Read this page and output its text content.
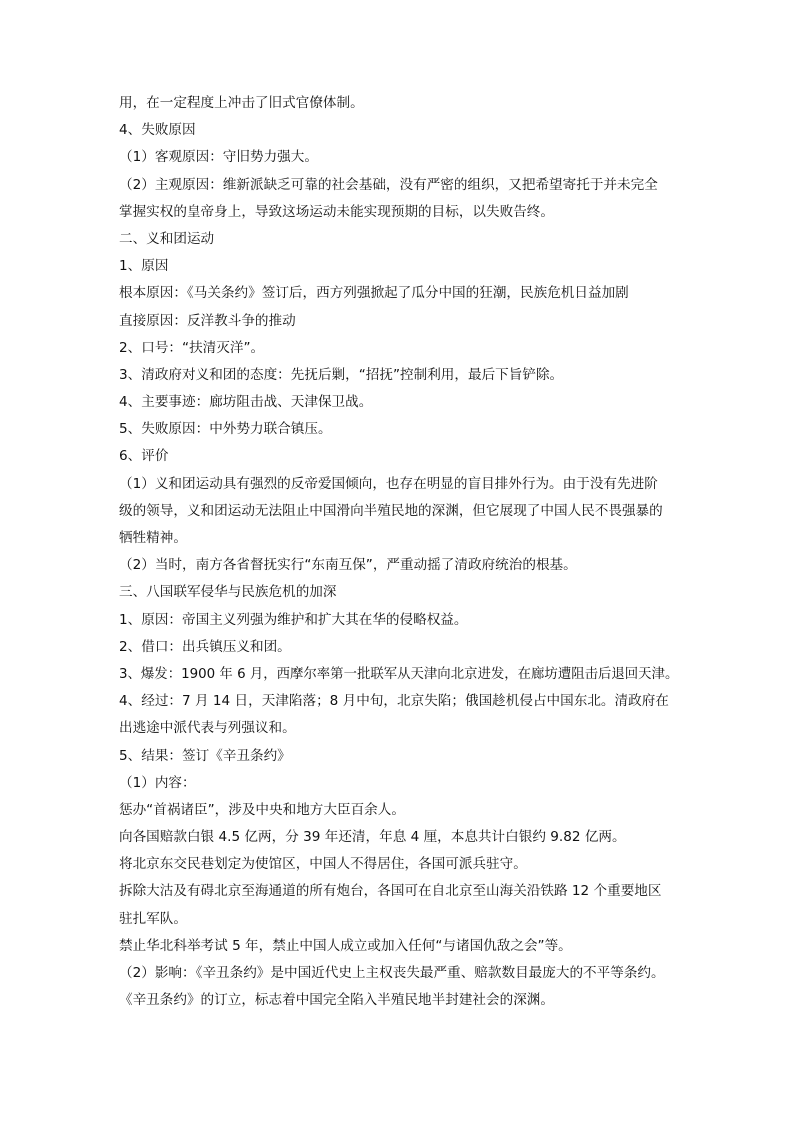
用，在一定程度上冲击了旧式官僚体制。
4、失败原因
（1）客观原因：守旧势力强大。
（2）主观原因：维新派缺乏可靠的社会基础，没有严密的组织，又把希望寄托于并未完全
掌握实权的皇帝身上，导致这场运动未能实现预期的目标，以失败告终。
二、义和团运动
1、原因
根本原因：《马关条约》签订后，西方列强掀起了瓜分中国的狂潮，民族危机日益加剧
直接原因：反洋教斗争的推动
2、口号：“扶清灭洋”。
3、清政府对义和团的态度：先抚后剿，“招抚”控制利用，最后下旨铲除。
4、主要事迹：廊坊阻击战、天津保卫战。
5、失败原因：中外势力联合镇压。
6、评价
（1）义和团运动具有强烈的反帝爱国倾向，也存在明显的盲目排外行为。由于没有先进阶
级的领导，义和团运动无法阻止中国滑向半殖民地的深渊，但它展现了中国人民不畏强暴的
牺牲精神。
（2）当时，南方各省督抚实行“东南互保”，严重动摇了清政府统治的根基。
三、八国联军侵华与民族危机的加深
1、原因：帝国主义列强为维护和扩大其在华的侵略权益。
2、借口：出兵镇压义和团。
3、爆发：1900 年 6 月，西摩尔率第一批联军从天津向北京进发，在廊坊遭阻击后退回天津。
4、经过：7 月 14 日，天津陷落；8 月中旬，北京失陷；俄国趁机侵占中国东北。清政府在
出逃途中派代表与列强议和。
5、结果：签订《辛丑条约》
（1）内容：
惩办“首祸诸臣”，涉及中央和地方大臣百余人。
向各国赔款白银 4.5 亿两，分 39 年还清，年息 4 厘，本息共计白银约 9.82 亿两。
将北京东交民巷划定为使馆区，中国人不得居住，各国可派兵驻守。
拆除大沽及有碍北京至海通道的所有炮台，各国可在自北京至山海关沿铁路 12 个重要地区
驻扎军队。
禁止华北科举考试 5 年，禁止中国人成立或加入任何“与诸国仇敌之会”等。
（2）影响：《辛丑条约》是中国近代史上主权丧失最严重、赔款数目最庞大的不平等条约。
《辛丑条约》的订立，标志着中国完全陷入半殖民地半封建社会的深渊。
